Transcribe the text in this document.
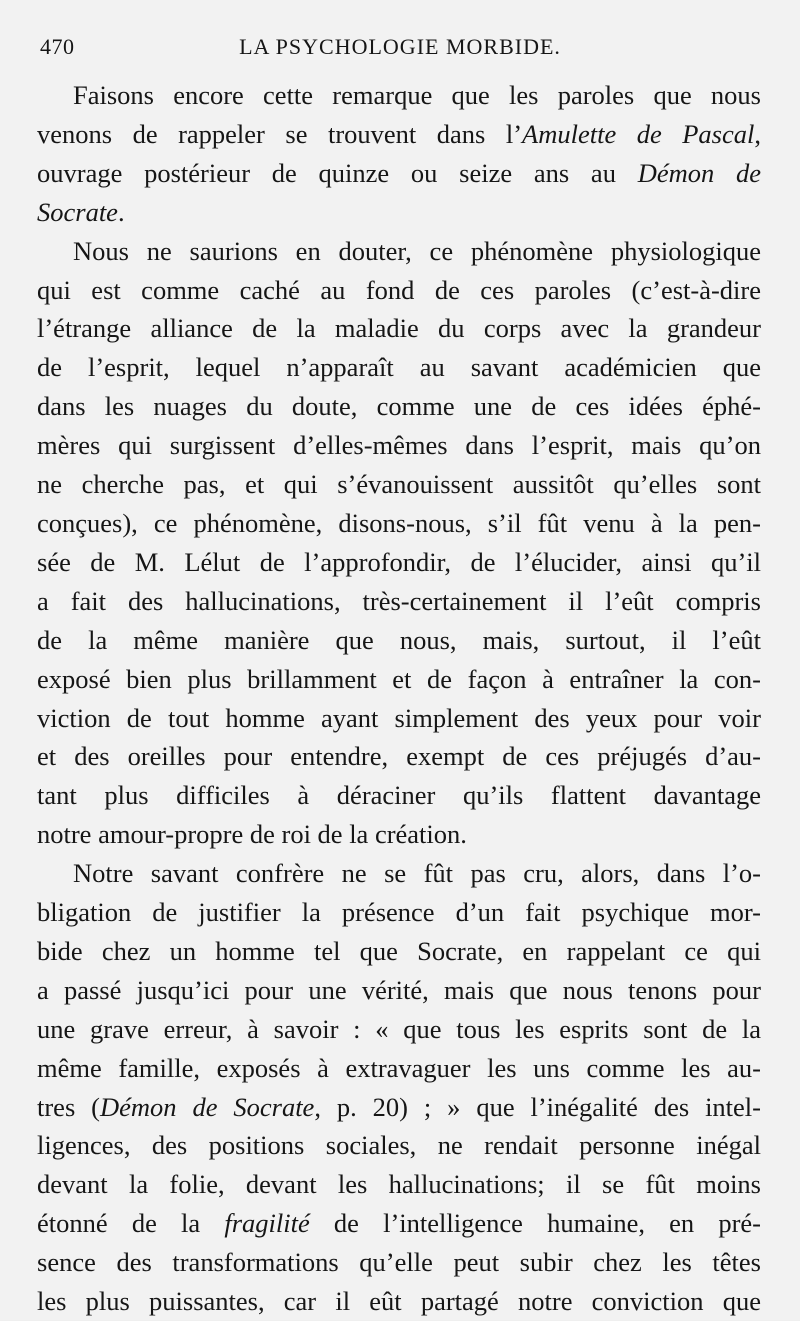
470	LA PSYCHOLOGIE MORBIDE.
Faisons encore cette remarque que les paroles que nous
venons de rappeler se trouvent dans l’Amulette de Pascal,
ouvrage postérieur de quinze ou seize ans au Démon de
Socrate.
Nous ne saurions en douter, ce phénomène physiologique
qui est comme caché au fond de ces paroles (c’est-à-dire
l’étrange alliance de la maladie du corps avec la grandeur
de l’esprit, lequel n’apparaît au savant académicien que
dans les nuages du doute, comme une de ces idées éphé-
mères qui surgissent d’elles-mêmes dans l’esprit, mais qu’on
ne cherche pas, et qui s’évanouissent aussitôt qu’elles sont
conçues), ce phénomène, disons-nous, s’il fût venu à la pen-
sée de M. Lélut de l’approfondir, de l’élucider, ainsi qu’il
a fait des hallucinations, très-certainement il l’eût compris
de la même manière que nous, mais, surtout, il l’eût
exposé bien plus brillamment et de façon à entraîner la con-
viction de tout homme ayant simplement des yeux pour voir
et des oreilles pour entendre, exempt de ces préjugés d’au-
tant plus difficiles à déraciner qu’ils flattent davantage
notre amour-propre de roi de la création.
Notre savant confrère ne se fût pas cru, alors, dans l’o-
bligation de justifier la présence d’un fait psychique mor-
bide chez un homme tel que Socrate, en rappelant ce qui
a passé jusqu’ici pour une vérité, mais que nous tenons pour
une grave erreur, à savoir : « que tous les esprits sont de la
même famille, exposés à extravaguer les uns comme les au-
tres (Démon de Socrate, p. 20) ; » que l’inégalité des intel-
ligences, des positions sociales, ne rendait personne inégal
devant la folie, devant les hallucinations; il se fût moins
étonné de la fragilité de l’intelligence humaine, en pré-
sence des transformations qu’elle peut subir chez les têtes
les plus puissantes, car il eût partagé notre conviction que
